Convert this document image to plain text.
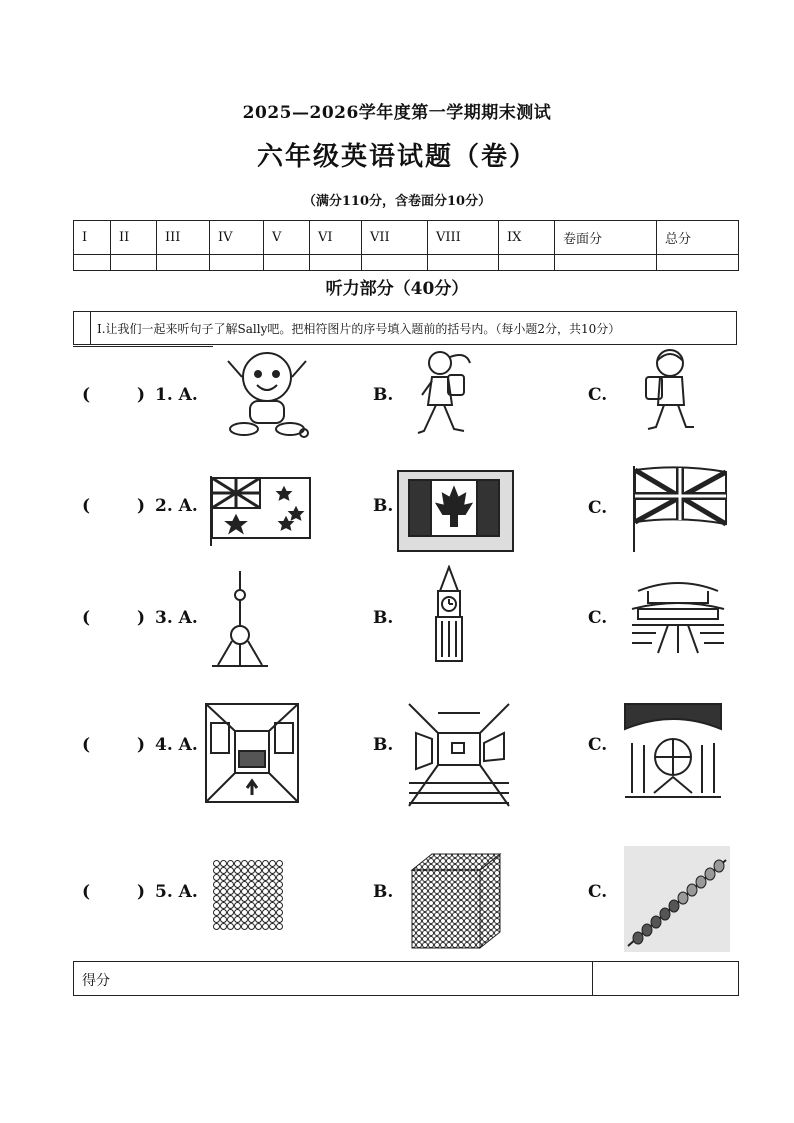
2025—2026学年度第一学期期末测试
六年级英语试题（卷）
（满分110分，含卷面分10分）
I	II	III	IV	V	VI	VII	VIII	IX	卷面分	总分

听力部分（40分）
I.让我们一起来听句子了解Sally吧。把相符图片的序号填入题前的括号内。（每小题2分，共10分）
(	) 1. A.	B.	C.
(	) 2. A.	B.	C.
(	) 3. A.	B.	C.
(	) 4. A.	B.	C.
(	) 5. A.	B.	C.
得分
